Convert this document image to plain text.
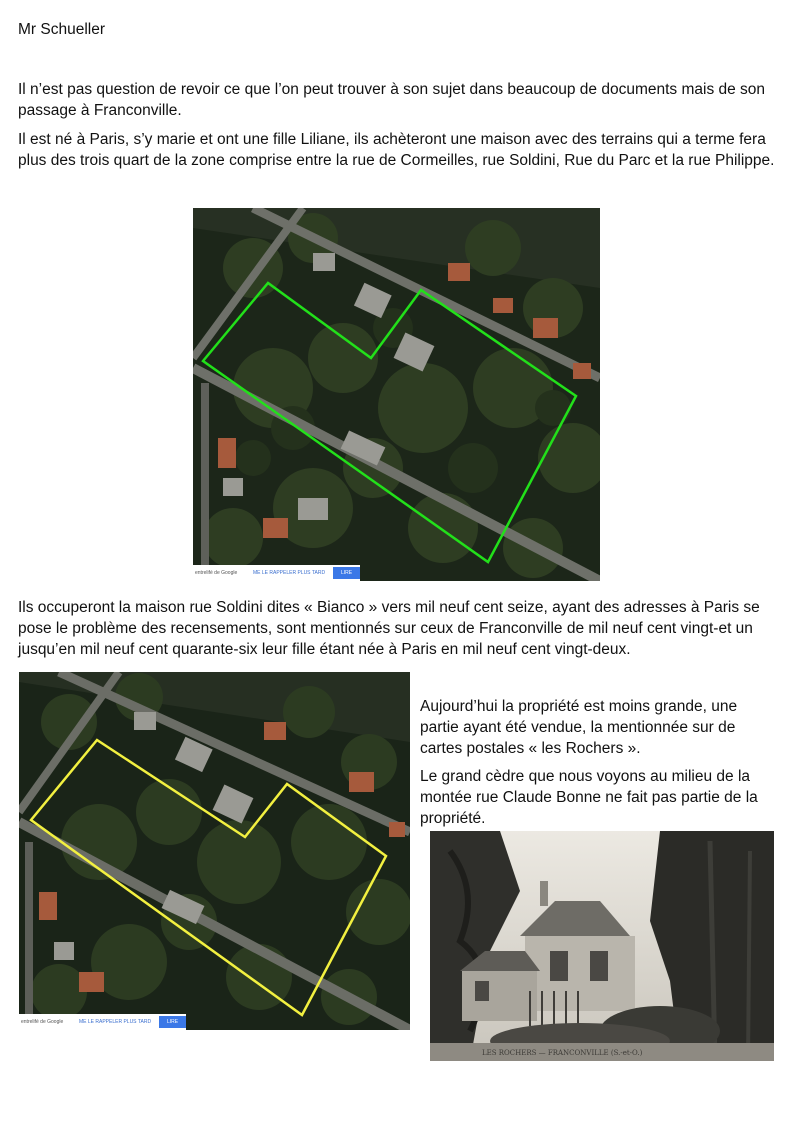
Mr Schueller

Il n’est pas question de revoir ce que l’on peut trouver à son sujet dans beaucoup de documents mais de son passage à Franconville.

Il est né à Paris, s’y marie et ont une fille Liliane, ils achèteront une maison avec des terrains qui a terme fera plus des trois quart de la zone comprise entre la rue de Cormeilles, rue Soldini, Rue du Parc et la rue Philippe.

entrelifé de Google	ME LE RAPPELER PLUS TARD	LIRE

Ils occuperont la maison rue Soldini dites « Bianco » vers mil neuf cent seize, ayant des adresses à Paris se pose le problème des recensements, sont mentionnés sur ceux de Franconville de mil neuf cent vingt-et un jusqu’en mil neuf cent quarante-six leur fille étant née à Paris en mil neuf cent vingt-deux.

entrelifé de Google	ME LE RAPPELER PLUS TARD	LIRE

Aujourd’hui la propriété est moins grande, une partie ayant été vendue, la mentionnée sur de cartes postales « les Rochers ».

Le grand cèdre que nous voyons au milieu de la montée rue Claude Bonne ne fait pas partie de la propriété.

LES ROCHERS — FRANCONVILLE (S.-et-O.)
